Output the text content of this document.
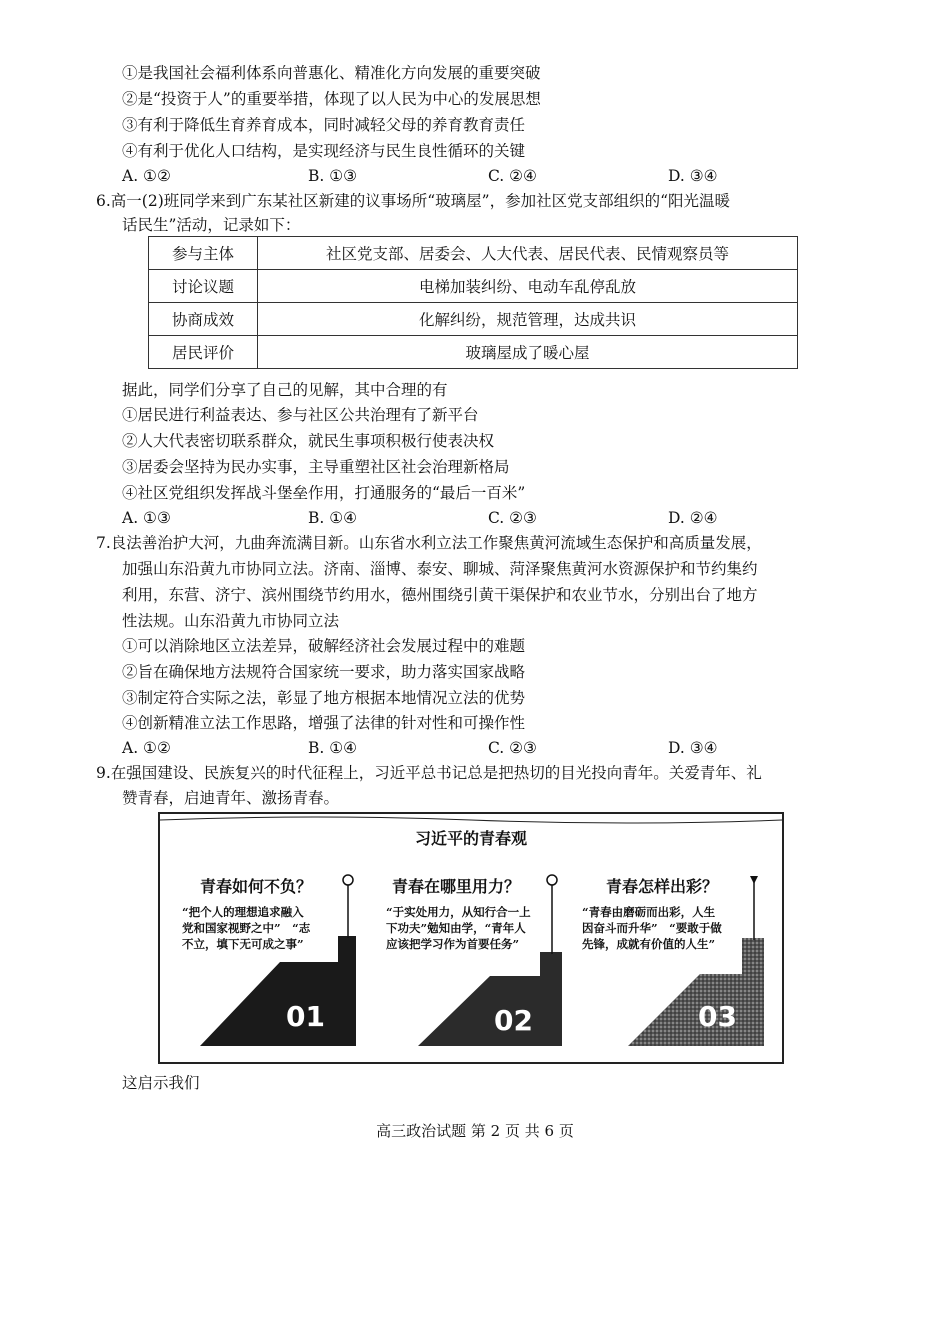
①是我国社会福利体系向普惠化、精准化方向发展的重要突破
②是“投资于人”的重要举措，体现了以人民为中心的发展思想
③有利于降低生育养育成本，同时减轻父母的养育教育责任
④有利于优化人口结构，是实现经济与民生良性循环的关键
A. ①②	B. ①③	C. ②④	D. ③④
6.高一(2)班同学来到广东某社区新建的议事场所“玻璃屋”，参加社区党支部组织的“阳光温暖
话民生”活动，记录如下：
参与主体	社区党支部、居委会、人大代表、居民代表、民情观察员等
讨论议题	电梯加装纠纷、电动车乱停乱放
协商成效	化解纠纷，规范管理，达成共识
居民评价	玻璃屋成了暖心屋
据此，同学们分享了自己的见解，其中合理的有
①居民进行利益表达、参与社区公共治理有了新平台
②人大代表密切联系群众，就民生事项积极行使表决权
③居委会坚持为民办实事，主导重塑社区社会治理新格局
④社区党组织发挥战斗堡垒作用，打通服务的“最后一百米”
A. ①③	B. ①④	C. ②③	D. ②④
7.良法善治护大河，九曲奔流满目新。山东省水利立法工作聚焦黄河流域生态保护和高质量发展，
加强山东沿黄九市协同立法。济南、淄博、泰安、聊城、菏泽聚焦黄河水资源保护和节约集约
利用，东营、济宁、滨州围绕节约用水，德州围绕引黄干渠保护和农业节水，分别出台了地方
性法规。山东沿黄九市协同立法
①可以消除地区立法差异，破解经济社会发展过程中的难题
②旨在确保地方法规符合国家统一要求，助力落实国家战略
③制定符合实际之法，彰显了地方根据本地情况立法的优势
④创新精准立法工作思路，增强了法律的针对性和可操作性
A. ①②	B. ①④	C. ②③	D. ③④
9.在强国建设、民族复兴的时代征程上，习近平总书记总是把热切的目光投向青年。关爱青年、礼
赞青春，启迪青年、激扬青春。
习近平的青春观
青春如何不负？
“把个人的理想追求融入
党和国家视野之中”　“志
不立，填下无可成之事”
01
青春在哪里用力？
“于实处用力，从知行合一上
下功夫”勉知由学，“青年人
应该把学习作为首要任务”
02
青春怎样出彩？
“青春由磨砺而出彩，人生
因奋斗而升华”　“要敢于做
先锋，成就有价值的人生”
03
这启示我们
高三政治试题 第 2 页 共 6 页
